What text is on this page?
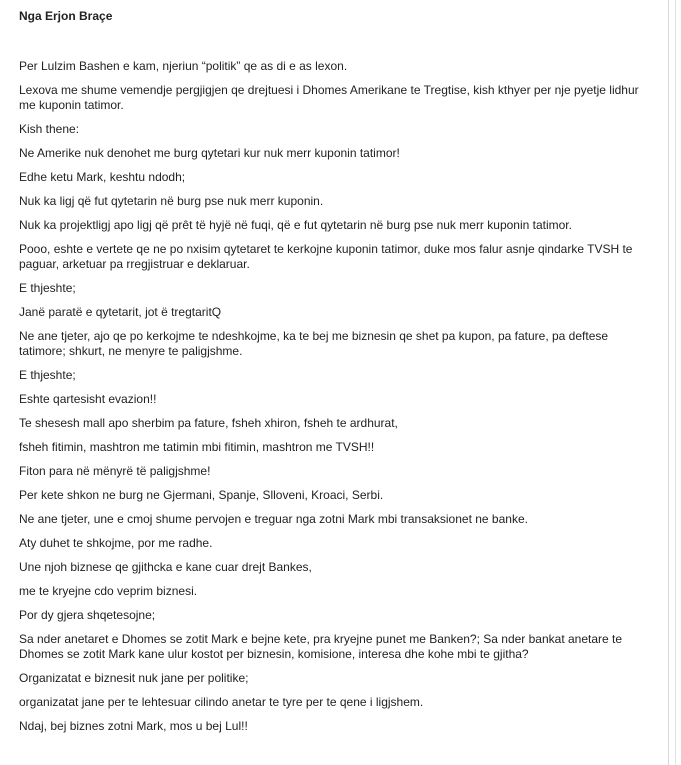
Nga Erjon Braçe

Per Lulzim Bashen e kam, njeriun “politik” qe as di e as lexon.

Lexova me shume vemendje pergjigjen qe drejtuesi i Dhomes Amerikane te Tregtise, kish kthyer per nje pyetje lidhur me kuponin tatimor.

Kish thene:

Ne Amerike nuk denohet me burg qytetari kur nuk merr kuponin tatimor!

Edhe ketu Mark, keshtu ndodh;

Nuk ka ligj që fut qytetarin në burg pse nuk merr kuponin.

Nuk ka projektligj apo ligj që prêt të hyjë në fuqi, që e fut qytetarin në burg pse nuk merr kuponin tatimor.

Pooo, eshte e vertete qe ne po nxisim qytetaret te kerkojne kuponin tatimor, duke mos falur asnje qindarke TVSH te paguar, arketuar pa rregjistruar e deklaruar.

E thjeshte;

Janë paratë e qytetarit, jot ë tregtaritQ

Ne ane tjeter, ajo qe po kerkojme te ndeshkojme, ka te bej me biznesin qe shet pa kupon, pa fature, pa deftese tatimore; shkurt, ne menyre te paligjshme.

E thjeshte;

Eshte qartesisht evazion!!

Te shesesh mall apo sherbim pa fature, fsheh xhiron, fsheh te ardhurat,

fsheh fitimin, mashtron me tatimin mbi fitimin, mashtron me TVSH!!

Fiton para në mënyrë të paligjshme!

Per kete shkon ne burg ne Gjermani, Spanje, Slloveni, Kroaci, Serbi.

Ne ane tjeter, une e cmoj shume pervojen e treguar nga zotni Mark mbi transaksionet ne banke.

Aty duhet te shkojme, por me radhe.

Une njoh biznese qe gjithcka e kane cuar drejt Bankes,

me te kryejne cdo veprim biznesi.

Por dy gjera shqetesojne;

Sa nder anetaret e Dhomes se zotit Mark e bejne kete, pra kryejne punet me Banken?; Sa nder bankat anetare te Dhomes se zotit Mark kane ulur kostot per biznesin, komisione, interesa dhe kohe mbi te gjitha?

Organizatat e biznesit nuk jane per politike;

organizatat jane per te lehtesuar cilindo anetar te tyre per te qene i ligjshem.

Ndaj, bej biznes zotni Mark, mos u bej Lul!!
